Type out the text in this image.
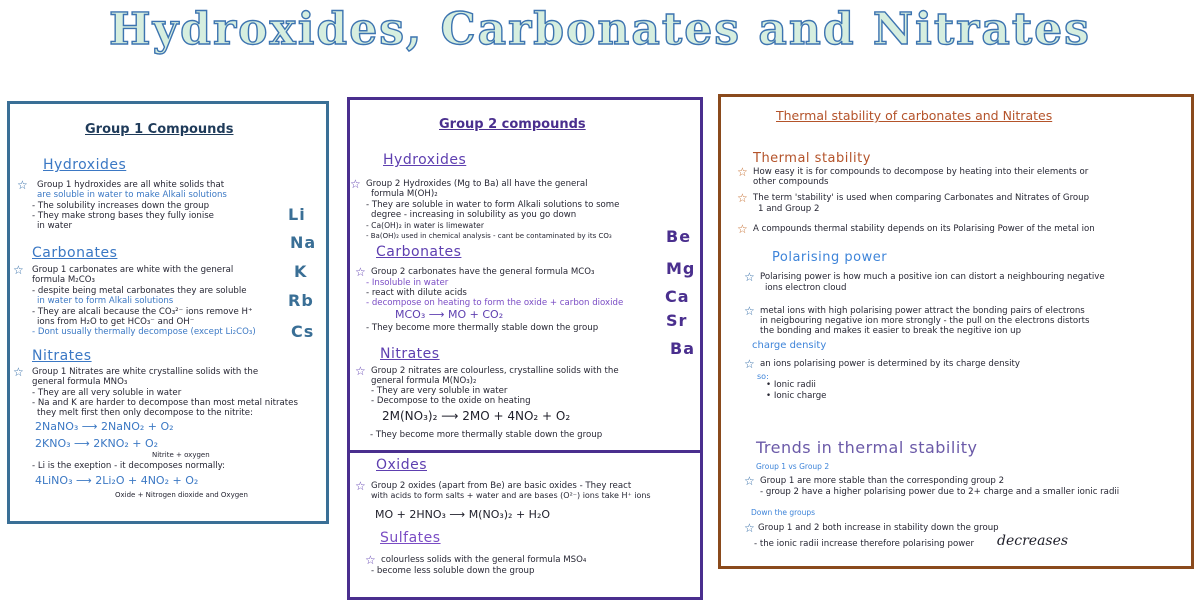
Hydroxides, Carbonates and Nitrates
Group 1 Compounds
Hydroxides
☆ Group 1 hydroxides are all white solids that
are soluble in water to make Alkali solutions
- The solubility increases down the group
- They make strong bases they fully ionise
in water
Carbonates
☆ Group 1 carbonates are white with the general
formula M₂CO₃
- despite being metal carbonates they are soluble
in water to form Alkali solutions
- They are alcali because the CO₃²⁻ ions remove H⁺
ions from H₂O to get HCO₃⁻ and OH⁻
- Dont usually thermally decompose (except Li₂CO₃)
Nitrates
☆ Group 1 Nitrates are white crystalline solids with the
general formula MNO₃
- They are all very soluble in water
- Na and K are harder to decompose than most metal nitrates
they melt first then only decompose to the nitrite:
2NaNO₃ ⟶ 2NaNO₂ + O₂
2KNO₃ ⟶ 2KNO₂ + O₂
Nitrite + oxygen
- Li is the exeption - it decomposes normally:
4LiNO₃ ⟶ 2Li₂O + 4NO₂ + O₂
Oxide + Nitrogen dioxide and Oxygen
Li
Na
K
Rb
Cs
Group 2 compounds
Hydroxides
☆ Group 2 Hydroxides (Mg to Ba) all have the general
formula M(OH)₂
- They are soluble in water to form Alkali solutions to some
degree - increasing in solubility as you go down
- Ca(OH)₂ in water is limewater
- Ba(OH)₂ used in chemical analysis - cant be contaminated by its CO₃
Carbonates
☆ Group 2 carbonates have the general formula MCO₃
- Insoluble in water
- react with dilute acids
- decompose on heating to form the oxide + carbon dioxide
MCO₃ ⟶ MO + CO₂
- They become more thermally stable down the group
Nitrates
☆ Group 2 nitrates are colourless, crystalline solids with the
general formula M(NO₃)₂
- They are very soluble in water
- Decompose to the oxide on heating
2M(NO₃)₂ ⟶ 2MO + 4NO₂ + O₂
- They become more thermally stable down the group
Be
Mg
Ca
Sr
Ba
Oxides
☆ Group 2 oxides (apart from Be) are basic oxides - They react
with acids to form salts + water and are bases (O²⁻) ions take H⁺ ions
MO + 2HNO₃ ⟶ M(NO₃)₂ + H₂O
Sulfates
☆ colourless solids with the general formula MSO₄
- become less soluble down the group
Thermal stability of carbonates and Nitrates
Thermal stability
☆ How easy it is for compounds to decompose by heating into their elements or
other compounds
☆ The term 'stability' is used when comparing Carbonates and Nitrates of Group
1 and Group 2
☆ A compounds thermal stability depends on its Polarising Power of the metal ion
Polarising power
☆ Polarising power is how much a positive ion can distort a neighbouring negative
ions electron cloud
☆ metal ions with high polarising power attract the bonding pairs of electrons
in neigbouring negative ion more strongly - the pull on the electrons distorts
the bonding and makes it easier to break the negitive ion up
charge density
☆ an ions polarising power is determined by its charge density
so:
• Ionic radii
• Ionic charge
Trends in thermal stability
Group 1 vs Group 2
☆ Group 1 are more stable than the corresponding group 2
- group 2 have a higher polarising power due to 2+ charge and a smaller ionic radii
Down the groups
☆ Group 1 and 2 both increase in stability down the group
- the ionic radii increase therefore polarising power decreases
